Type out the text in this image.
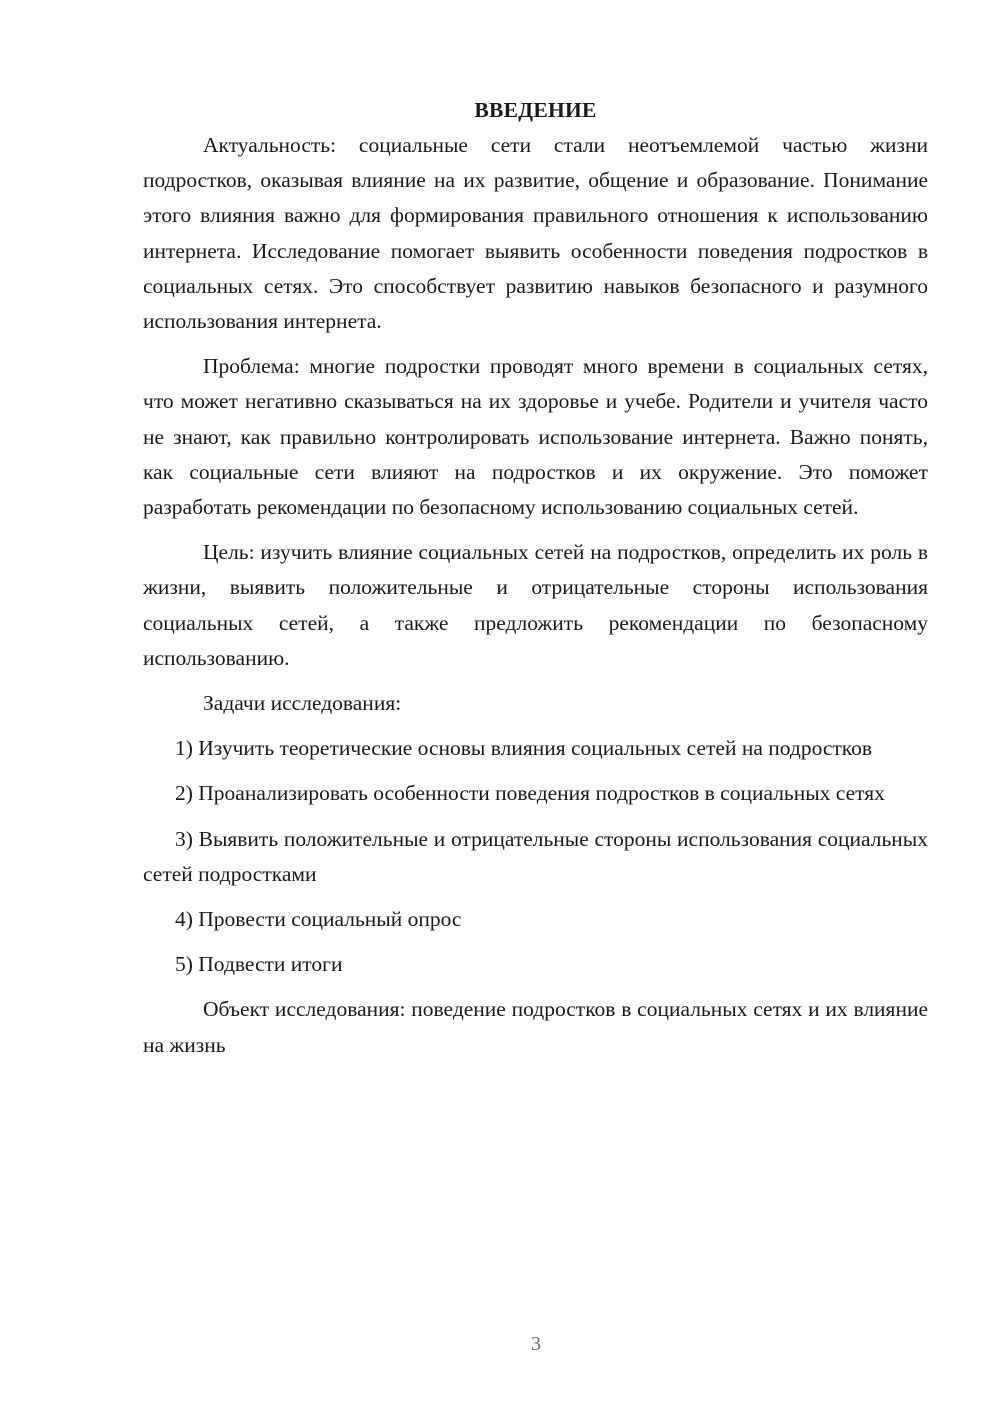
ВВЕДЕНИЕ

Актуальность: социальные сети стали неотъемлемой частью жизни подростков, оказывая влияние на их развитие, общение и образование. Понимание этого влияния важно для формирования правильного отношения к использованию интернета. Исследование помогает выявить особенности поведения подростков в социальных сетях. Это способствует развитию навыков безопасного и разумного использования интернета.

Проблема: многие подростки проводят много времени в социальных сетях, что может негативно сказываться на их здоровье и учебе. Родители и учителя часто не знают, как правильно контролировать использование интернета. Важно понять, как социальные сети влияют на подростков и их окружение. Это поможет разработать рекомендации по безопасному использованию социальных сетей.

Цель: изучить влияние социальных сетей на подростков, определить их роль в жизни, выявить положительные и отрицательные стороны использования социальных сетей, а также предложить рекомендации по безопасному использованию.

Задачи исследования:

1) Изучить теоретические основы влияния социальных сетей на подростков

2) Проанализировать особенности поведения подростков в социальных сетях

3) Выявить положительные и отрицательные стороны использования социальных сетей подростками

4) Провести социальный опрос

5) Подвести итоги

Объект исследования: поведение подростков в социальных сетях и их влияние на жизнь

3
